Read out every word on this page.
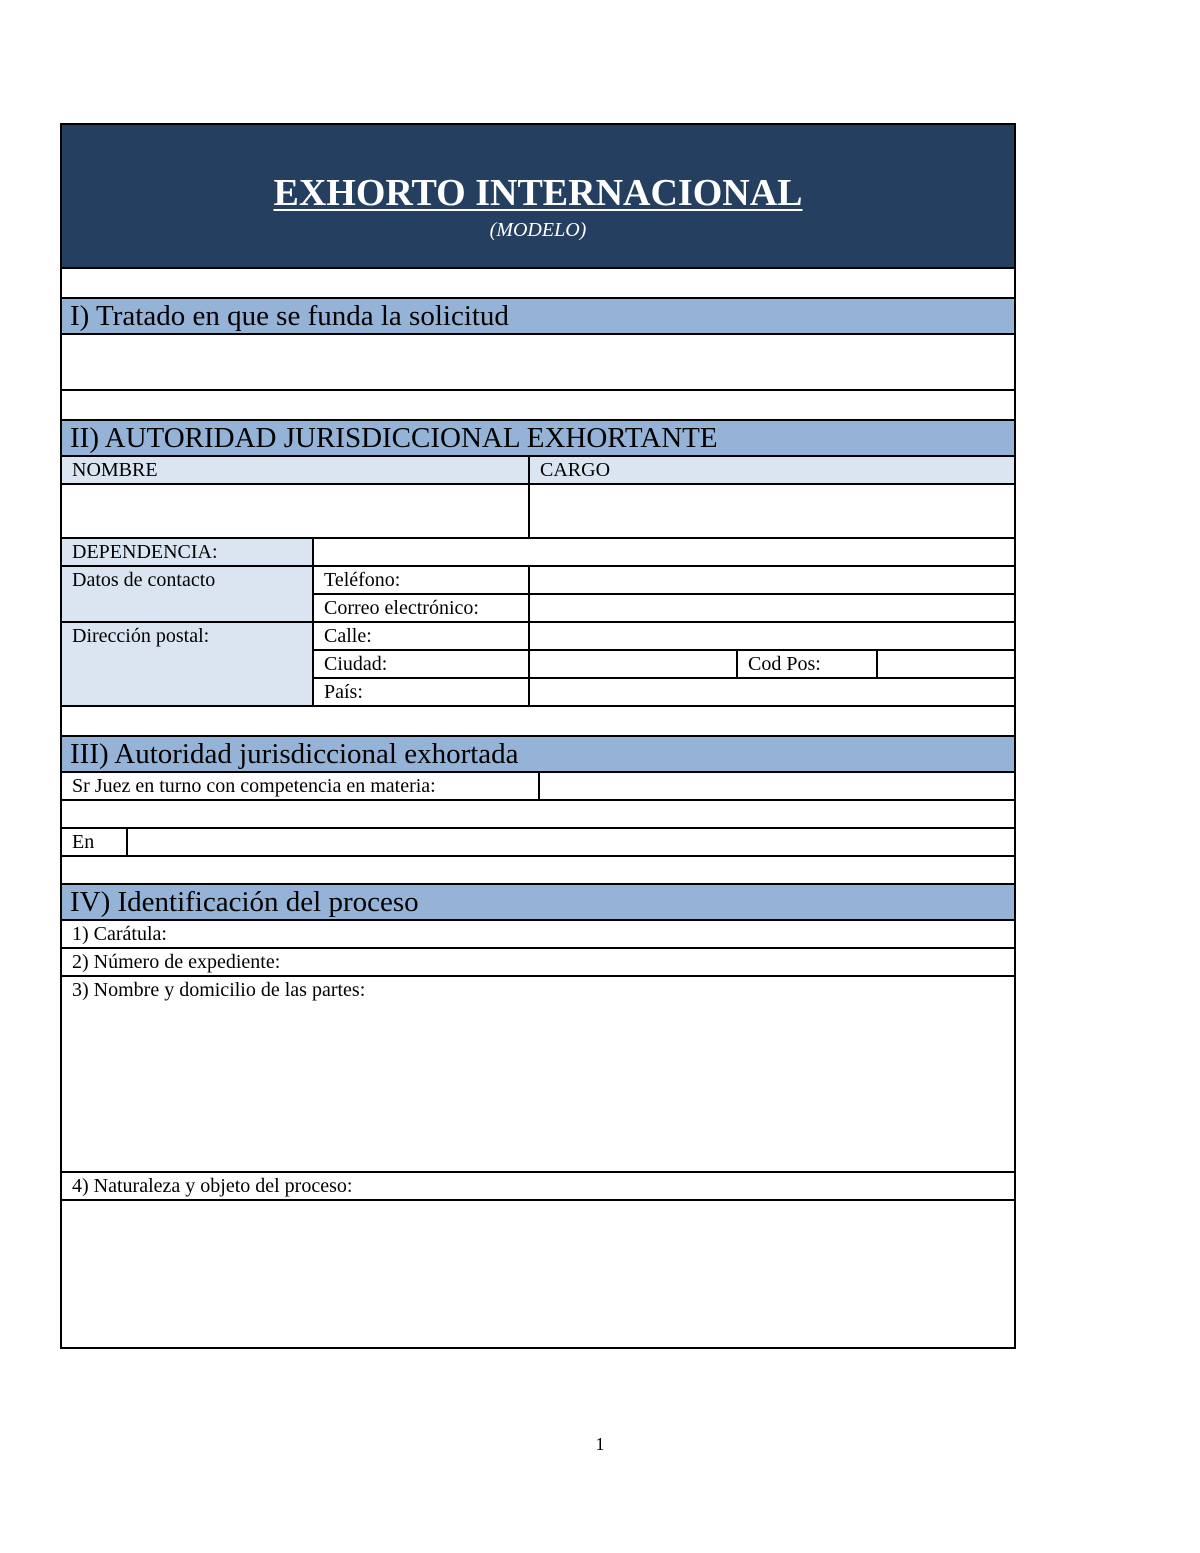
EXHORTO INTERNACIONAL
(MODELO)
I) Tratado en que se funda la solicitud
II) AUTORIDAD JURISDICCIONAL EXHORTANTE
NOMBRE	CARGO
DEPENDENCIA:
Datos de contacto	Teléfono:
Correo electrónico:
Dirección postal:	Calle:
Ciudad:	Cod Pos:
País:
III) Autoridad jurisdiccional exhortada
Sr Juez en turno con competencia en materia:
En
IV) Identificación del proceso
1) Carátula:
2) Número de expediente:
3) Nombre y domicilio de las partes:
4) Naturaleza y objeto del proceso:
1
